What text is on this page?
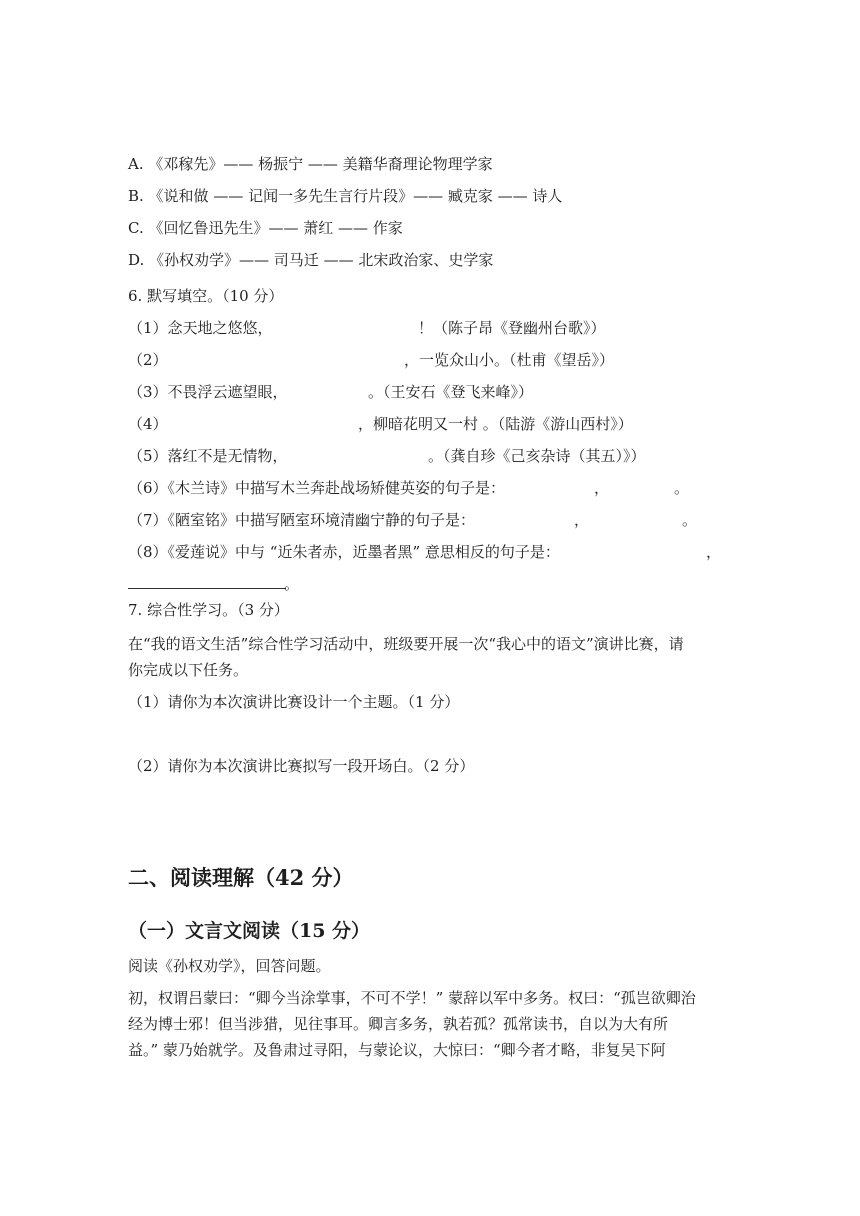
A. 《邓稼先》—— 杨振宁 —— 美籍华裔理论物理学家
B. 《说和做 —— 记闻一多先生言行片段》—— 臧克家 —— 诗人
C. 《回忆鲁迅先生》—— 萧红 —— 作家
D. 《孙权劝学》—— 司马迁 —— 北宋政治家、史学家
6. 默写填空。（10 分）
（1）念天地之悠悠，	！（陈子昂《登幽州台歌》）
（2）	，一览众山小。（杜甫《望岳》）
（3）不畏浮云遮望眼，	。（王安石《登飞来峰》）
（4）	，柳暗花明又一村 。（陆游《游山西村》）
（5）落红不是无情物，	。（龚自珍《己亥杂诗（其五）》）
（6）《木兰诗》中描写木兰奔赴战场矫健英姿的句子是：	，	。
（7）《陋室铭》中描写陋室环境清幽宁静的句子是：	，	。
（8）《爱莲说》中与 “近朱者赤，近墨者黑” 意思相反的句子是：	，
。
7. 综合性学习。（3 分）
在“我的语文生活”综合性学习活动中，班级要开展一次“我心中的语文”演讲比赛，请
你完成以下任务。
（1）请你为本次演讲比赛设计一个主题。（1 分）
（2）请你为本次演讲比赛拟写一段开场白。（2 分）
二、阅读理解（42 分）
（一）文言文阅读（15 分）
阅读《孙权劝学》，回答问题。
初，权谓吕蒙曰：“卿今当涂掌事，不可不学！” 蒙辞以军中多务。权曰：“孤岂欲卿治
经为博士邪！但当涉猎，见往事耳。卿言多务，孰若孤？孤常读书，自以为大有所
益。” 蒙乃始就学。及鲁肃过寻阳，与蒙论议，大惊曰：“卿今者才略，非复吴下阿
